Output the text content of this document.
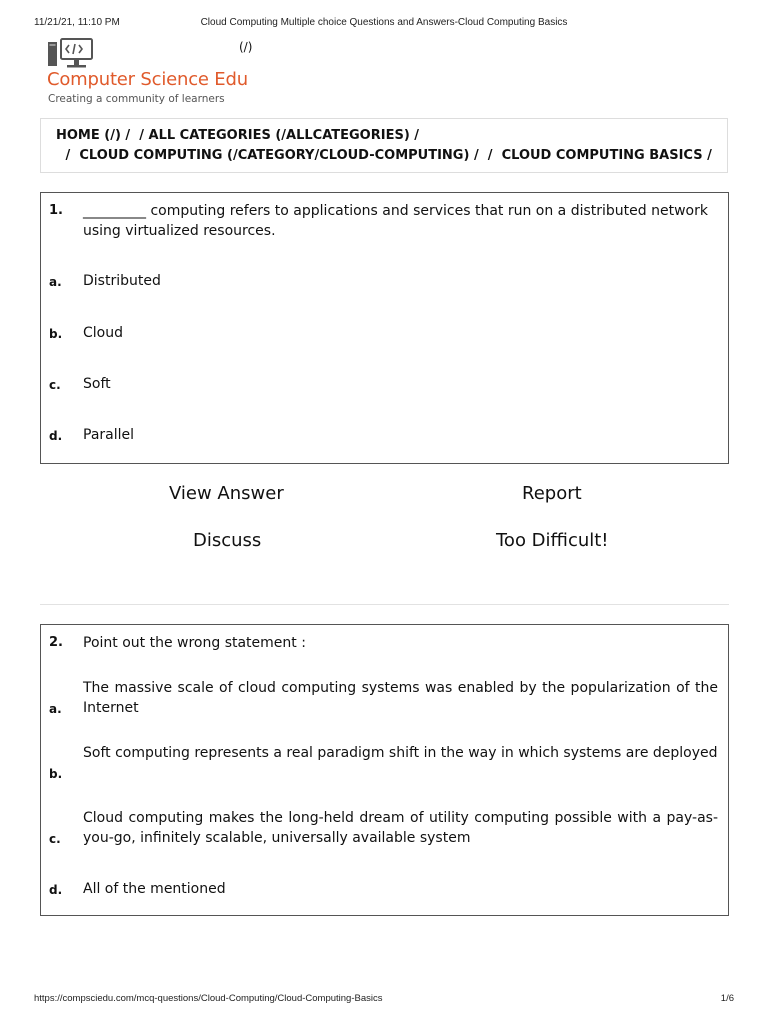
11/21/21, 11:10 PM	Cloud Computing Multiple choice Questions and Answers-Cloud Computing Basics
Computer Science Edu
Creating a community of learners
(/)
HOME (/) /  / ALL CATEGORIES (/ALLCATEGORIES) /
/  CLOUD COMPUTING (/CATEGORY/CLOUD-COMPUTING) /  /  CLOUD COMPUTING BASICS /
1. _________ computing refers to applications and services that run on a distributed network using virtualized resources.
a. Distributed
b. Cloud
c. Soft
d. Parallel
View Answer	Report
Discuss	Too Difficult!
2. Point out the wrong statement :
a.
The massive scale of cloud computing systems was enabled by the popularization of the Internet
b.
Soft computing represents a real paradigm shift in the way in which systems are deployed
c.
Cloud computing makes the long-held dream of utility computing possible with a pay-as-you-go, infinitely scalable, universally available system
d. All of the mentioned
https://compsciedu.com/mcq-questions/Cloud-Computing/Cloud-Computing-Basics	1/6
